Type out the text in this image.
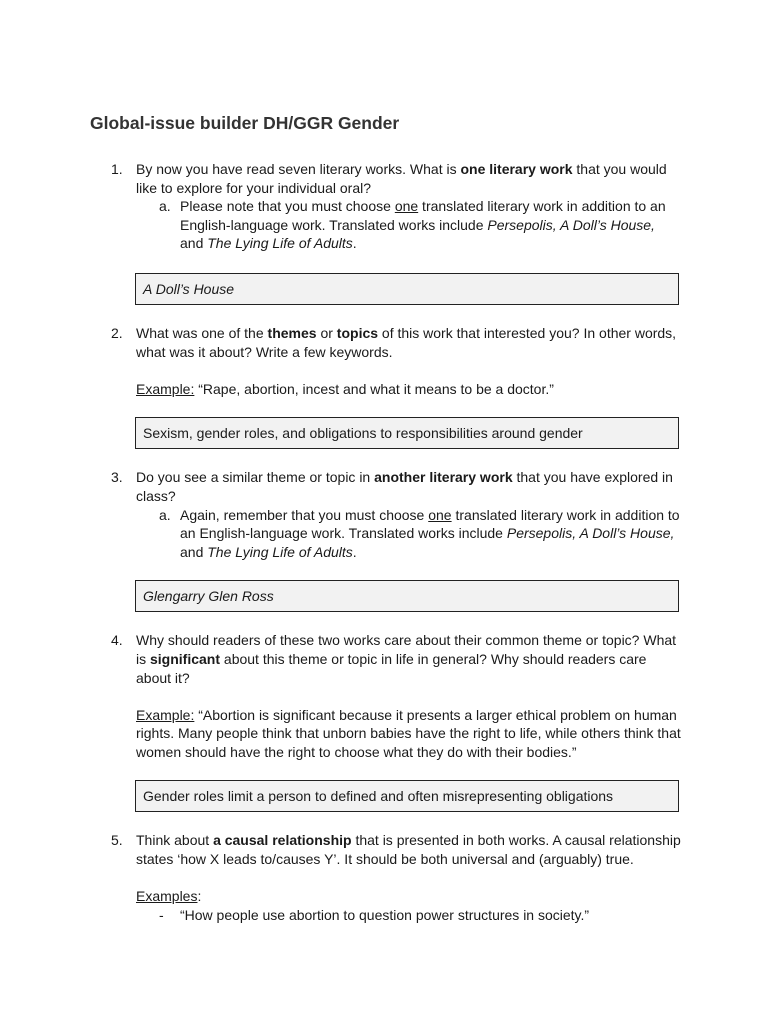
Global-issue builder DH/GGR Gender
1. By now you have read seven literary works. What is one literary work that you would like to explore for your individual oral?

a. Please note that you must choose one translated literary work in addition to an English-language work. Translated works include Persepolis, A Doll’s House, and The Lying Life of Adults.

A Doll’s House
2. What was one of the themes or topics of this work that interested you? In other words, what was it about? Write a few keywords.

Example: “Rape, abortion, incest and what it means to be a doctor.”

Sexism, gender roles, and obligations to responsibilities around gender
3. Do you see a similar theme or topic in another literary work that you have explored in class?

a. Again, remember that you must choose one translated literary work in addition to an English-language work. Translated works include Persepolis, A Doll’s House, and The Lying Life of Adults.

Glengarry Glen Ross
4. Why should readers of these two works care about their common theme or topic? What is significant about this theme or topic in life in general? Why should readers care about it?

Example: “Abortion is significant because it presents a larger ethical problem on human rights. Many people think that unborn babies have the right to life, while others think that women should have the right to choose what they do with their bodies.”

Gender roles limit a person to defined and often misrepresenting obligations
5. Think about a causal relationship that is presented in both works. A causal relationship states ‘how X leads to/causes Y’. It should be both universal and (arguably) true.

Examples:

- “How people use abortion to question power structures in society.”
